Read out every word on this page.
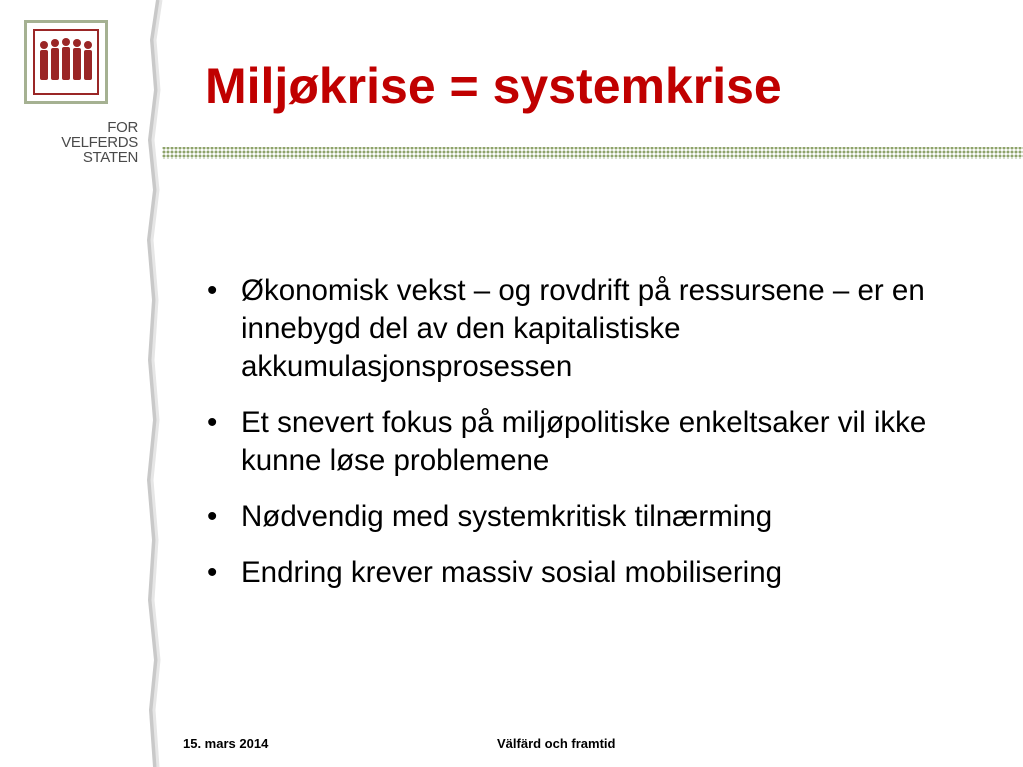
FOR
VELFERDS
STATEN
Miljøkrise = systemkrise
• Økonomisk vekst – og rovdrift på ressursene – er en innebygd del av den kapitalistiske akkumulasjonsprosessen
• Et snevert fokus på miljøpolitiske enkeltsaker vil ikke kunne løse problemene
• Nødvendig med systemkritisk tilnærming
• Endring krever massiv sosial mobilisering
15. mars 2014	Välfärd och framtid
